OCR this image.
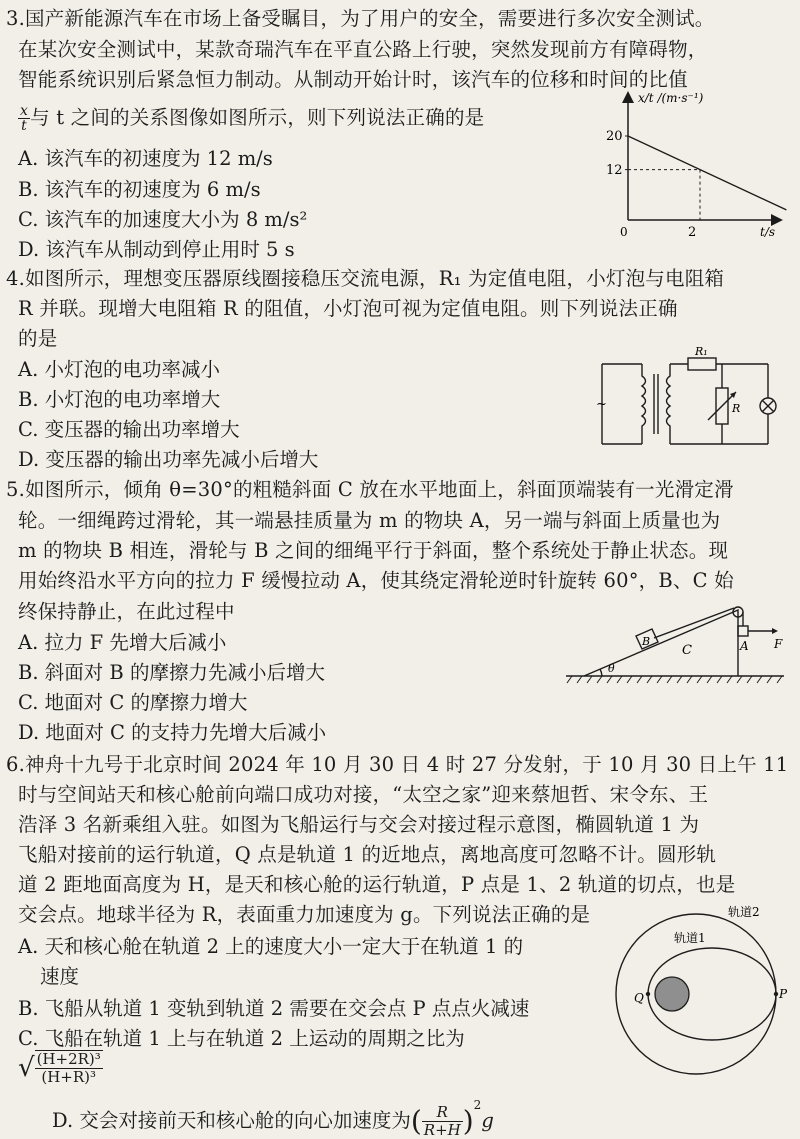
3.国产新能源汽车在市场上备受瞩目，为了用户的安全，需要进行多次安全测试。
在某次安全测试中，某款奇瑞汽车在平直公路上行驶，突然发现前方有障碍物，
智能系统识别后紧急恒力制动。从制动开始计时，该汽车的位移和时间的比值
$\frac{x}{t}$ 与 t 之间的关系图像如图所示，则下列说法正确的是
A. 该汽车的初速度为 12 m/s
B. 该汽车的初速度为 6 m/s
C. 该汽车的加速度大小为 8 m/s²
D. 该汽车从制动到停止用时 5 s
x/t /(m·s⁻¹)
t/s
0
20
12
2
4.如图所示，理想变压器原线圈接稳压交流电源，R₁ 为定值电阻，小灯泡与电阻箱
R 并联。现增大电阻箱 R 的阻值，小灯泡可视为定值电阻。则下列说法正确
的是
A. 小灯泡的电功率减小
B. 小灯泡的电功率增大
C. 变压器的输出功率增大
D. 变压器的输出功率先减小后增大
R₁
R
~
5.如图所示，倾角 θ=30°的粗糙斜面 C 放在水平地面上，斜面顶端装有一光滑定滑
轮。一细绳跨过滑轮，其一端悬挂质量为 m 的物块 A，另一端与斜面上质量也为
m 的物块 B 相连，滑轮与 B 之间的细绳平行于斜面，整个系统处于静止状态。现
用始终沿水平方向的拉力 F 缓慢拉动 A，使其绕定滑轮逆时针旋转 60°，B、C 始
终保持静止，在此过程中
A. 拉力 F 先增大后减小
B. 斜面对 B 的摩擦力先减小后增大
C. 地面对 C 的摩擦力增大
D. 地面对 C 的支持力先增大后减小
B
C	A F
θ
6.神舟十九号于北京时间 2024 年 10 月 30 日 4 时 27 分发射，于 10 月 30 日上午 11
时与空间站天和核心舱前向端口成功对接，“太空之家”迎来蔡旭哲、宋令东、王
浩泽 3 名新乘组入驻。如图为飞船运行与交会对接过程示意图，椭圆轨道 1 为
飞船对接前的运行轨道，Q 点是轨道 1 的近地点，离地高度可忽略不计。圆形轨
道 2 距地面高度为 H，是天和核心舱的运行轨道，P 点是 1、2 轨道的切点，也是
交会点。地球半径为 R，表面重力加速度为 g。下列说法正确的是
A. 天和核心舱在轨道 2 上的速度大小一定大于在轨道 1 的
速度
B. 飞船从轨道 1 变轨到轨道 2 需要在交会点 P 点点火减速
C. 飞船在轨道 1 上与在轨道 2 上运动的周期之比为
√ $\frac{\text{(H+2R)³}}{\text{(H+R)³}}$
D. 交会对接前天和核心舱的向心加速度为( $\frac{R}{R+H} )^2g$
轨道2
轨道1
Q	P
